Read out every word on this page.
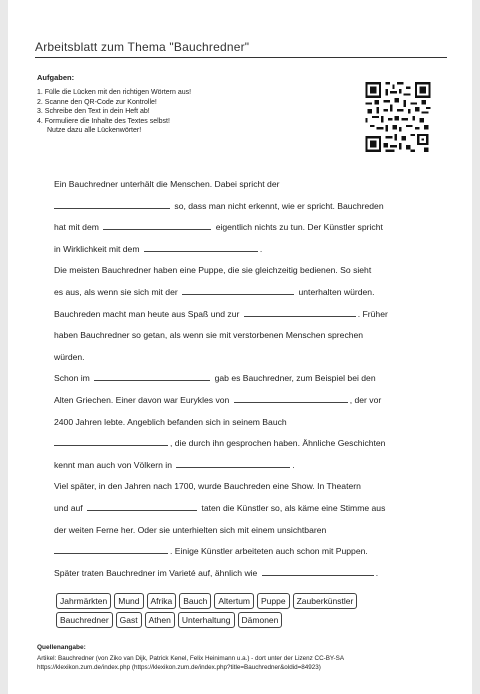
Arbeitsblatt zum Thema "Bauchredner"
Aufgaben:
1. Fülle die Lücken mit den richtigen Wörtern aus!
2. Scanne den QR-Code zur Kontrolle!
3. Schreibe den Text in dein Heft ab!
4. Formuliere die Inhalte des Textes selbst!
Nutze dazu alle Lückenwörter!
Ein Bauchredner unterhält die Menschen. Dabei spricht der
so, dass man nicht erkennt, wie er spricht. Bauchreden
hat mit dem	eigentlich nichts zu tun. Der Künstler spricht
in Wirklichkeit mit dem	.
Die meisten Bauchredner haben eine Puppe, die sie gleichzeitig bedienen. So sieht
es aus, als wenn sie sich mit der	unterhalten würden.
Bauchreden macht man heute aus Spaß und zur	. Früher
haben Bauchredner so getan, als wenn sie mit verstorbenen Menschen sprechen
würden.
Schon im	gab es Bauchredner, zum Beispiel bei den
Alten Griechen. Einer davon war Eurykles von	, der vor
2400 Jahren lebte. Angeblich befanden sich in seinem Bauch
, die durch ihn gesprochen haben. Ähnliche Geschichten
kennt man auch von Völkern in	.
Viel später, in den Jahren nach 1700, wurde Bauchreden eine Show. In Theatern
und auf	taten die Künstler so, als käme eine Stimme aus
der weiten Ferne her. Oder sie unterhielten sich mit einem unsichtbaren
. Einige Künstler arbeiteten auch schon mit Puppen.
Später traten Bauchredner im Varieté auf, ähnlich wie	.
Jahrmärkten	Mund	Afrika	Bauch	Altertum	Puppe	Zauberkünstler
Bauchredner	Gast	Athen	Unterhaltung	Dämonen
Quellenangabe:
Artikel: Bauchredner (von Ziko van Dijk, Patrick Kenel, Felix Heinimann u.a.) - dort unter der Lizenz CC-BY-SA
https://klexikon.zum.de/index.php (https://klexikon.zum.de/index.php?title=Bauchredner&oldid=84923)
